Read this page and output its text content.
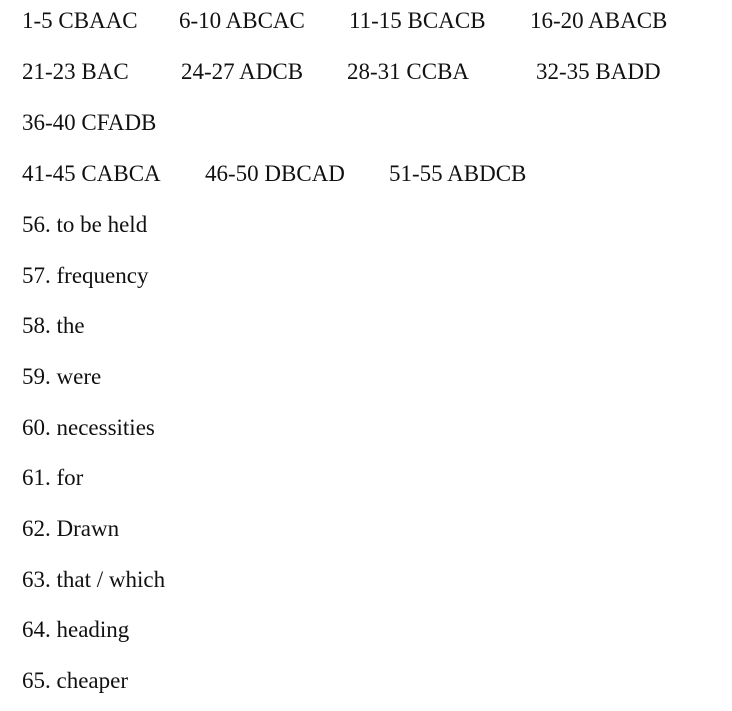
1-5 CBAAC 6-10 ABCAC 11-15 BCACB 16-20 ABACB
21-23 BAC 24-27 ADCB 28-31 CCBA	32-35 BADD
36-40 CFADB
41-45 CABCA 46-50 DBCAD 51-55 ABDCB
56. to be held
57. frequency
58. the
59. were
60. necessities
61. for
62. Drawn
63. that / which
64. heading
65. cheaper
